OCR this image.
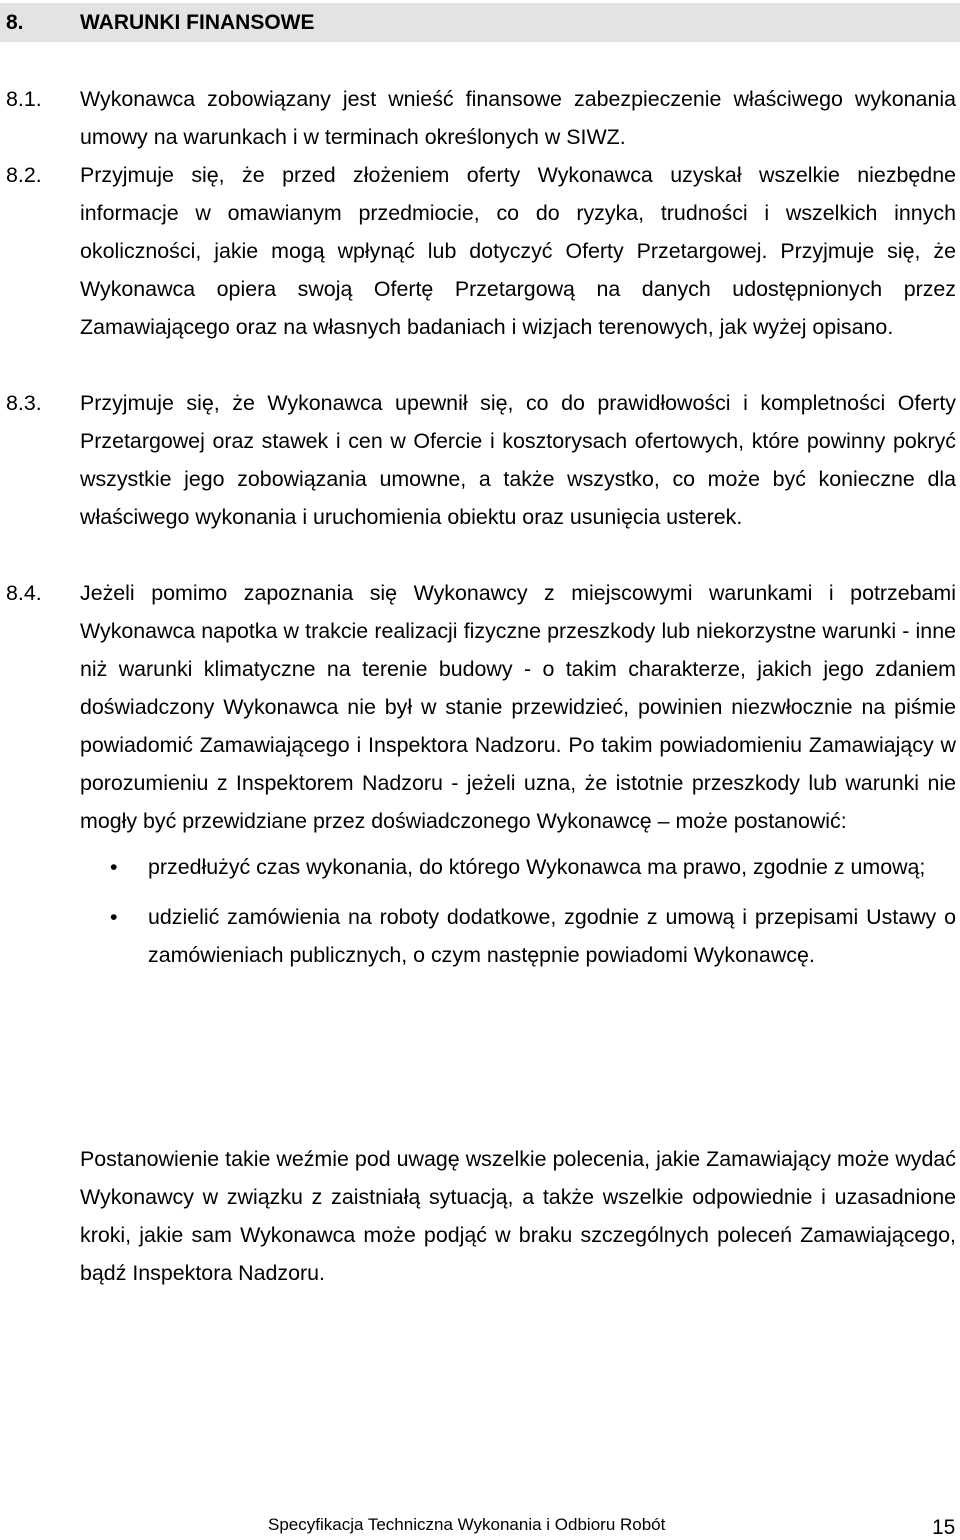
8.	WARUNKI FINANSOWE
8.1. Wykonawca zobowiązany jest wnieść finansowe zabezpieczenie właściwego wykonania umowy na warunkach i w terminach określonych w SIWZ.
8.2. Przyjmuje się, że przed złożeniem oferty Wykonawca uzyskał wszelkie niezbędne informacje w omawianym przedmiocie, co do ryzyka, trudności i wszelkich innych okoliczności, jakie mogą wpłynąć lub dotyczyć Oferty Przetargowej. Przyjmuje się, że Wykonawca opiera swoją Ofertę Przetargową na danych udostępnionych przez Zamawiającego oraz na własnych badaniach i wizjach terenowych, jak wyżej opisano.
8.3. Przyjmuje się, że Wykonawca upewnił się, co do prawidłowości i kompletności Oferty Przetargowej oraz stawek i cen w Ofercie i kosztorysach ofertowych, które powinny pokryć wszystkie jego zobowiązania umowne, a także wszystko, co może być konieczne dla właściwego wykonania i uruchomienia obiektu oraz usunięcia usterek.
8.4. Jeżeli pomimo zapoznania się Wykonawcy z miejscowymi warunkami i potrzebami Wykonawca napotka w trakcie realizacji fizyczne przeszkody lub niekorzystne warunki - inne niż warunki klimatyczne na terenie budowy - o takim charakterze, jakich jego zdaniem doświadczony Wykonawca nie był w stanie przewidzieć, powinien niezwłocznie na piśmie powiadomić Zamawiającego i Inspektora Nadzoru. Po takim powiadomieniu Zamawiający w porozumieniu z Inspektorem Nadzoru - jeżeli uzna, że istotnie przeszkody lub warunki nie mogły być przewidziane przez doświadczonego Wykonawcę – może postanowić:
• przedłużyć czas wykonania, do którego Wykonawca ma prawo, zgodnie z umową;
• udzielić zamówienia na roboty dodatkowe, zgodnie z umową i przepisami Ustawy o zamówieniach publicznych, o czym następnie powiadomi Wykonawcę.
Postanowienie takie weźmie pod uwagę wszelkie polecenia, jakie Zamawiający może wydać Wykonawcy w związku z zaistniałą sytuacją, a także wszelkie odpowiednie i uzasadnione kroki, jakie sam Wykonawca może podjąć w braku szczególnych poleceń Zamawiającego, bądź Inspektora Nadzoru.
Specyfikacja Techniczna Wykonania i Odbioru Robót	15
